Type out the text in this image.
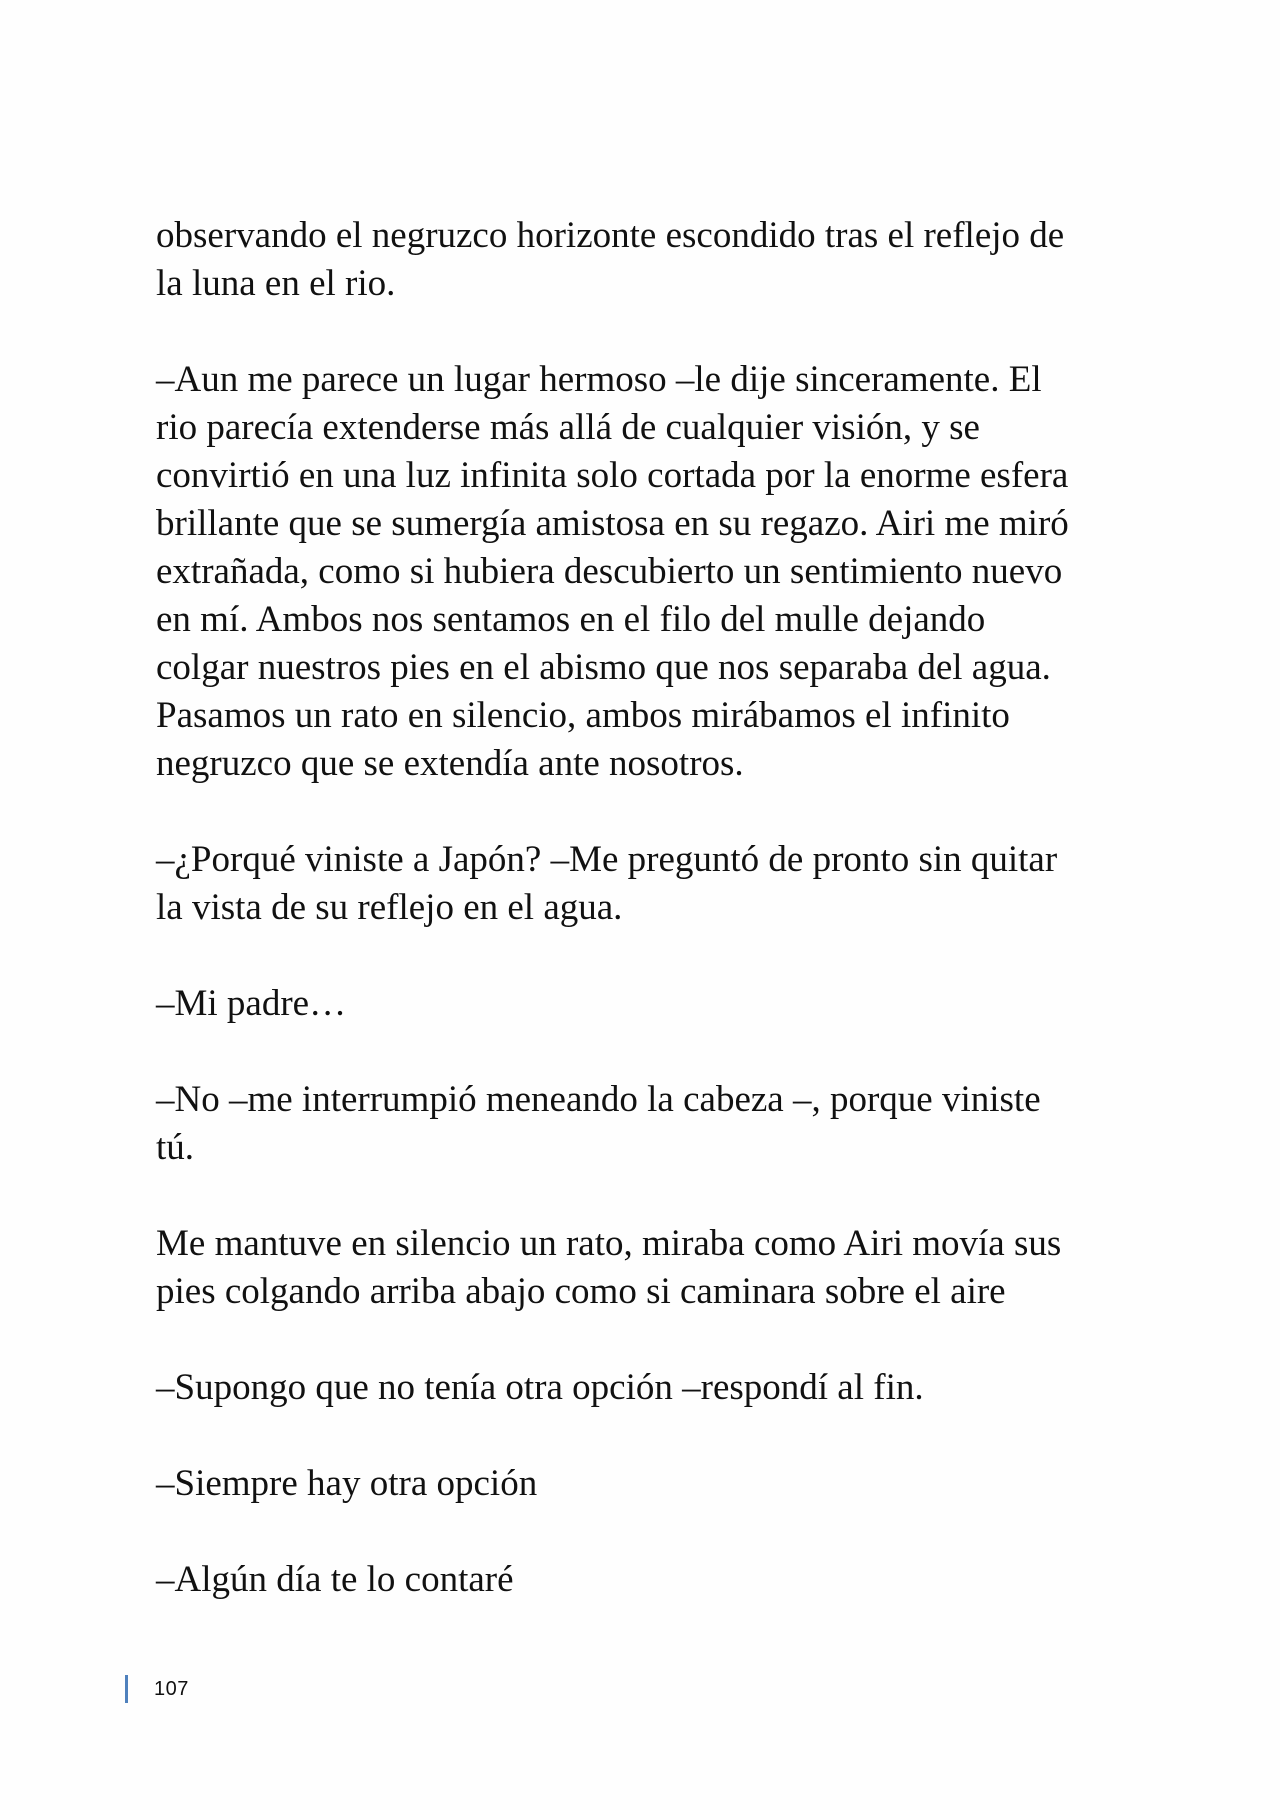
observando el negruzco horizonte escondido tras el reflejo de
la luna en el rio.

–Aun me parece un lugar hermoso –le dije sinceramente. El
rio parecía extenderse más allá de cualquier visión, y se
convirtió en una luz infinita solo cortada por la enorme esfera
brillante que se sumergía amistosa en su regazo. Airi me miró
extrañada, como si hubiera descubierto un sentimiento nuevo
en mí. Ambos nos sentamos en el filo del mulle dejando
colgar nuestros pies en el abismo que nos separaba del agua.
Pasamos un rato en silencio, ambos mirábamos el infinito
negruzco que se extendía ante nosotros.

–¿Porqué viniste a Japón? –Me preguntó de pronto sin quitar
la vista de su reflejo en el agua.

–Mi padre…

–No –me interrumpió meneando la cabeza –, porque viniste
tú.

Me mantuve en silencio un rato, miraba como Airi movía sus
pies colgando arriba abajo como si caminara sobre el aire

–Supongo que no tenía otra opción –respondí al fin.

–Siempre hay otra opción

–Algún día te lo contaré

107
